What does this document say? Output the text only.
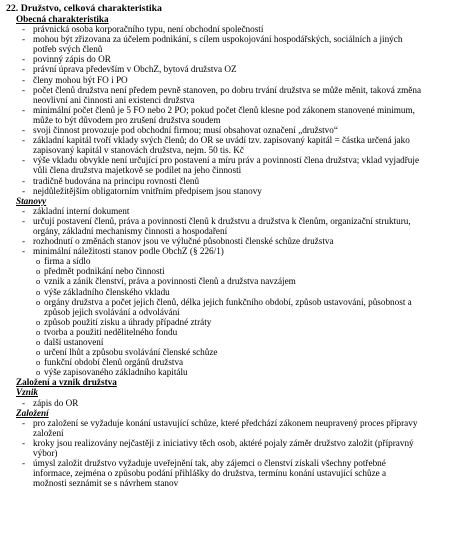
22. Družstvo, celková charakteristika
Obecná charakteristika
- právnická osoba korporačního typu, není obchodní společností
- mohou být zřizovana za účelem podnikání, s cílem uspokojování hospodářských, sociálních a jiných
potřeb svých členů
- povinný zápis do OR
- právní úprava především v ObchZ, bytová družstva OZ
- členy mohou být FO i PO
- počet členů družstva není předem pevně stanoven, po dobru trvání družstva se může měnit, taková změna
neovlivní ani činnosti ani existenci družstva
- minimální počet členů je 5 FO nebo 2 PO; pokud počet členů klesne pod zákonem stanovené minimum,
může to být důvodem pro zrušení družstva soudem
- svoji činnost provozuje pod obchodní firmou; musí obsahovat označení „družstvo“
- základní kapitál tvoří vklady svých členů; do OR se uvádí tzv. zapisovaný kapitál = částka určená jako
zapisovaný kapitál v stanovách družstva, nejm. 50 tis. Kč
- výše vkladu obvykle není určující pro postavení a míru práv a povinností člena družstva; vklad vyjadřuje
vůli člena družstva majetkově se podílet na jeho činnosti
- tradičně budována na principu rovnosti členů
- nejdůležitějším obligatorním vnitřním předpisem jsou stanovy
Stanovy
- základní interní dokument
- určují postavení členů, práva a povinnosti členů k družstvu a družstva k členům, organizační strukturu,
orgány, základní mechanismy činnosti a hospodaření
- rozhodnutí o změnách stanov jsou ve výlučné působnosti členské schůze družstva
- minimální náležitosti stanov podle ObchZ (§ 226/1)
o firma a sídlo
o předmět podnikání nebo činnosti
o vznik a zánik členství, práva a povinnosti členů a družstva navzájem
o výše základního členského vkladu
o orgány družstva a počet jejich členů, délka jejich funkčního období, způsob ustavování, působnost a
způsob jejich svolávání a odvolávání
o způsob použití zisku a úhrady případné ztráty
o tvorba a použití nedělitelného fondu
o další ustanovení
o určení lhůt a způsobu svolávání členské schůze
o funkční období členů orgánů družstva
o výše zapisovaného základního kapitálu
Založení a vznik družstva
Vznik
- zápis do OR
Založení
- pro založení se vyžaduje konání ustavující schůze, které předchází zákonem neupravený proces přípravy
založení
- kroky jsou realizovány nejčastěji z iniciativy těch osob, aktéré pojaly záměr družstvo založit (přípravný
výbor)
- úmysl založit družstvo vyžaduje uveřejnění tak, aby zájemci o členství získali všechny potřebné
informace, zejména o způsobu podání přihlášky do družstva, termínu konání ustavující schůze a
možnosti seznámit se s návrhem stanov
